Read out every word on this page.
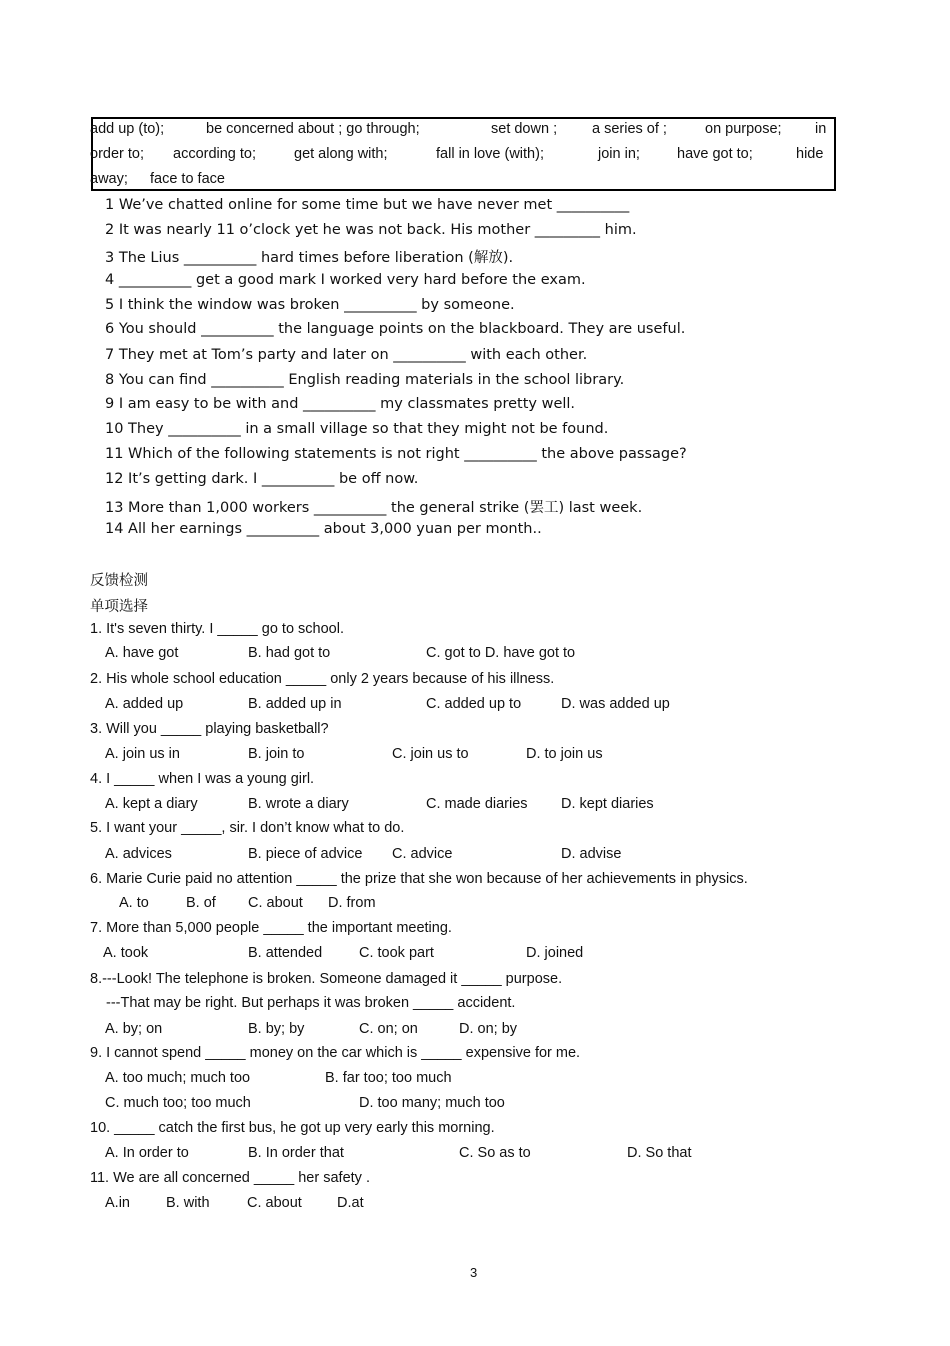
add up (to);	be concerned about ; go through;	set down ; a series of ;	on purpose; in
order to; according to;	get along with;	fall in love (with);	join in;	have got to;	hide
away; face to face
1 We’ve chatted online for some time but we have never met __________
2 It was nearly 11 o’clock yet he was not back. His mother _________ him.
3 The Lius __________ hard times before liberation (解放).
4 __________ get a good mark I worked very hard before the exam.
5 I think the window was broken __________ by someone.
6 You should __________ the language points on the blackboard. They are useful.
7 They met at Tom’s party and later on __________ with each other.
8 You can find __________ English reading materials in the school library.
9 I am easy to be with and __________ my classmates pretty well.
10 They __________ in a small village so that they might not be found.
11 Which of the following statements is not right __________ the above passage?
12 It’s getting dark. I __________ be off now.
13 More than 1,000 workers __________ the general strike (罢工) last week.
14 All her earnings __________ about 3,000 yuan per month..
反馈检测
单项选择
1. It's seven thirty. I _____ go to school.
A. have got	B. had got to	C. got to D. have got to
2. His whole school education _____ only 2 years because of his illness.
A. added up	B. added up in	C. added up to	D. was added up
3. Will you _____ playing basketball?
A. join us in	B. join to	C. join us to	D. to join us
4. I _____ when I was a young girl.
A. kept a diary	B. wrote a diary	C. made diaries D. kept diaries
5. I want your _____, sir. I don’t know what to do.
A. advices	B. piece of advice C. advice	D. advise
6. Marie Curie paid no attention _____ the prize that she won because of her achievements in physics.
A. to	B. of C. about D. from
7. More than 5,000 people _____ the important meeting.
A. took	B. attended	C. took part	D. joined
8.---Look! The telephone is broken. Someone damaged it _____ purpose.
---That may be right. But perhaps it was broken _____ accident.
A. by; on	B. by; by	C. on; on	D. on; by
9. I cannot spend _____ money on the car which is _____ expensive for me.
A. too much; much too	B. far too; too much
C. much too; too much	D. too many; much too
10. _____ catch the first bus, he got up very early this morning.
A. In order to	B. In order that	C. So as to	D. So that
11. We are all concerned _____ her safety .
A.in B. with	C. about D.at
3
